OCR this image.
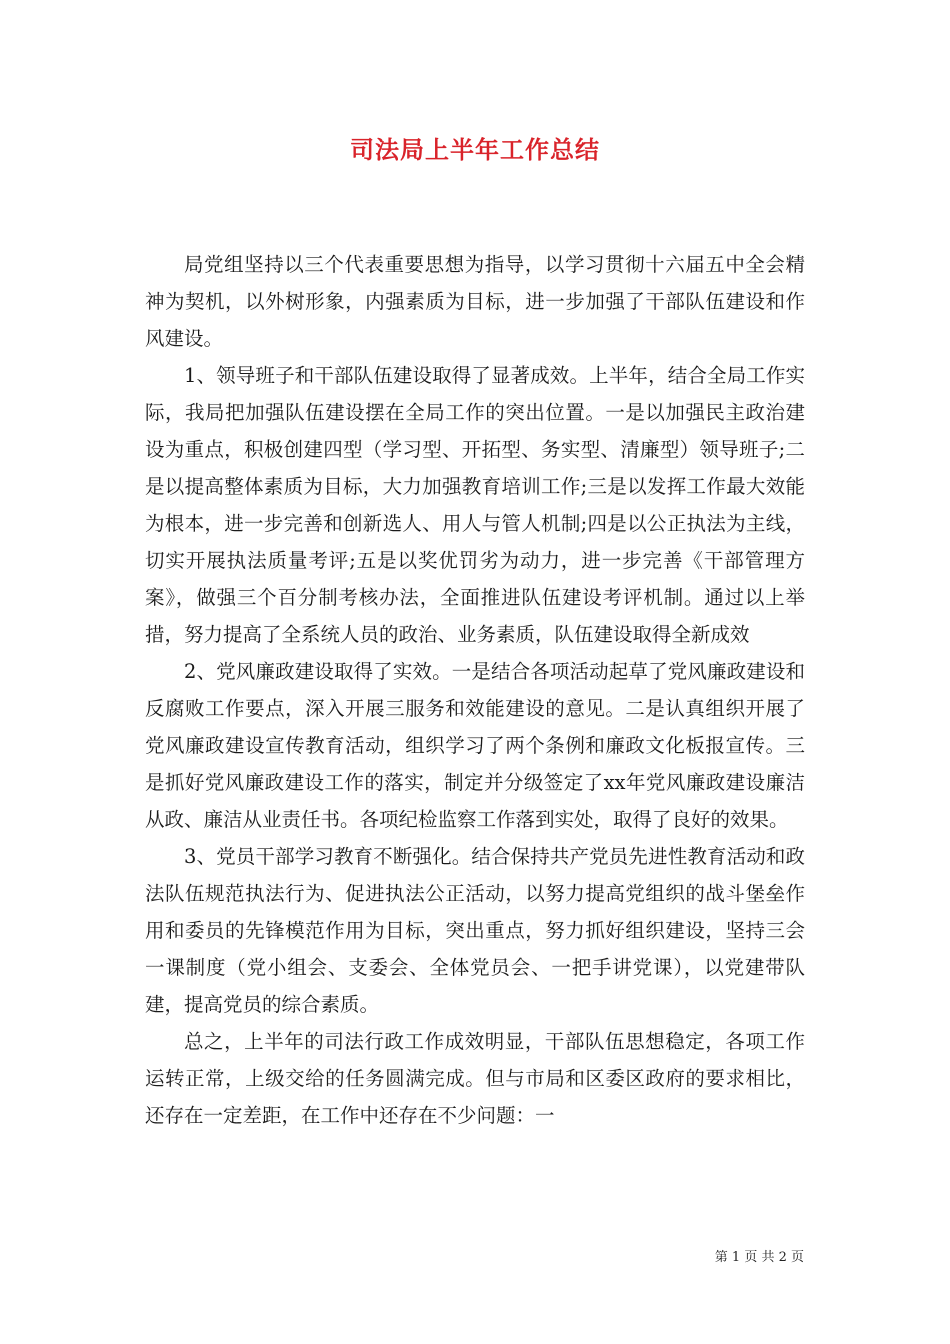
司法局上半年工作总结

局党组坚持以三个代表重要思想为指导，以学习贯彻十六届五中全会精神为契机，以外树形象，内强素质为目标，进一步加强了干部队伍建设和作风建设。

1、领导班子和干部队伍建设取得了显著成效。上半年，结合全局工作实际，我局把加强队伍建设摆在全局工作的突出位置。一是以加强民主政治建设为重点，积极创建四型（学习型、开拓型、务实型、清廉型）领导班子;二是以提高整体素质为目标，大力加强教育培训工作;三是以发挥工作最大效能为根本，进一步完善和创新选人、用人与管人机制;四是以公正执法为主线，切实开展执法质量考评;五是以奖优罚劣为动力，进一步完善《干部管理方案》，做强三个百分制考核办法，全面推进队伍建设考评机制。通过以上举措，努力提高了全系统人员的政治、业务素质，队伍建设取得全新成效

2、党风廉政建设取得了实效。一是结合各项活动起草了党风廉政建设和反腐败工作要点，深入开展三服务和效能建设的意见。二是认真组织开展了党风廉政建设宣传教育活动，组织学习了两个条例和廉政文化板报宣传。三是抓好党风廉政建设工作的落实，制定并分级签定了xx年党风廉政建设廉洁从政、廉洁从业责任书。各项纪检监察工作落到实处，取得了良好的效果。

3、党员干部学习教育不断强化。结合保持共产党员先进性教育活动和政法队伍规范执法行为、促进执法公正活动，以努力提高党组织的战斗堡垒作用和委员的先锋模范作用为目标，突出重点，努力抓好组织建设，坚持三会一课制度（党小组会、支委会、全体党员会、一把手讲党课），以党建带队建，提高党员的综合素质。

总之，上半年的司法行政工作成效明显，干部队伍思想稳定，各项工作运转正常，上级交给的任务圆满完成。但与市局和区委区政府的要求相比，还存在一定差距，在工作中还存在不少问题：一

第 1 页 共 2 页
